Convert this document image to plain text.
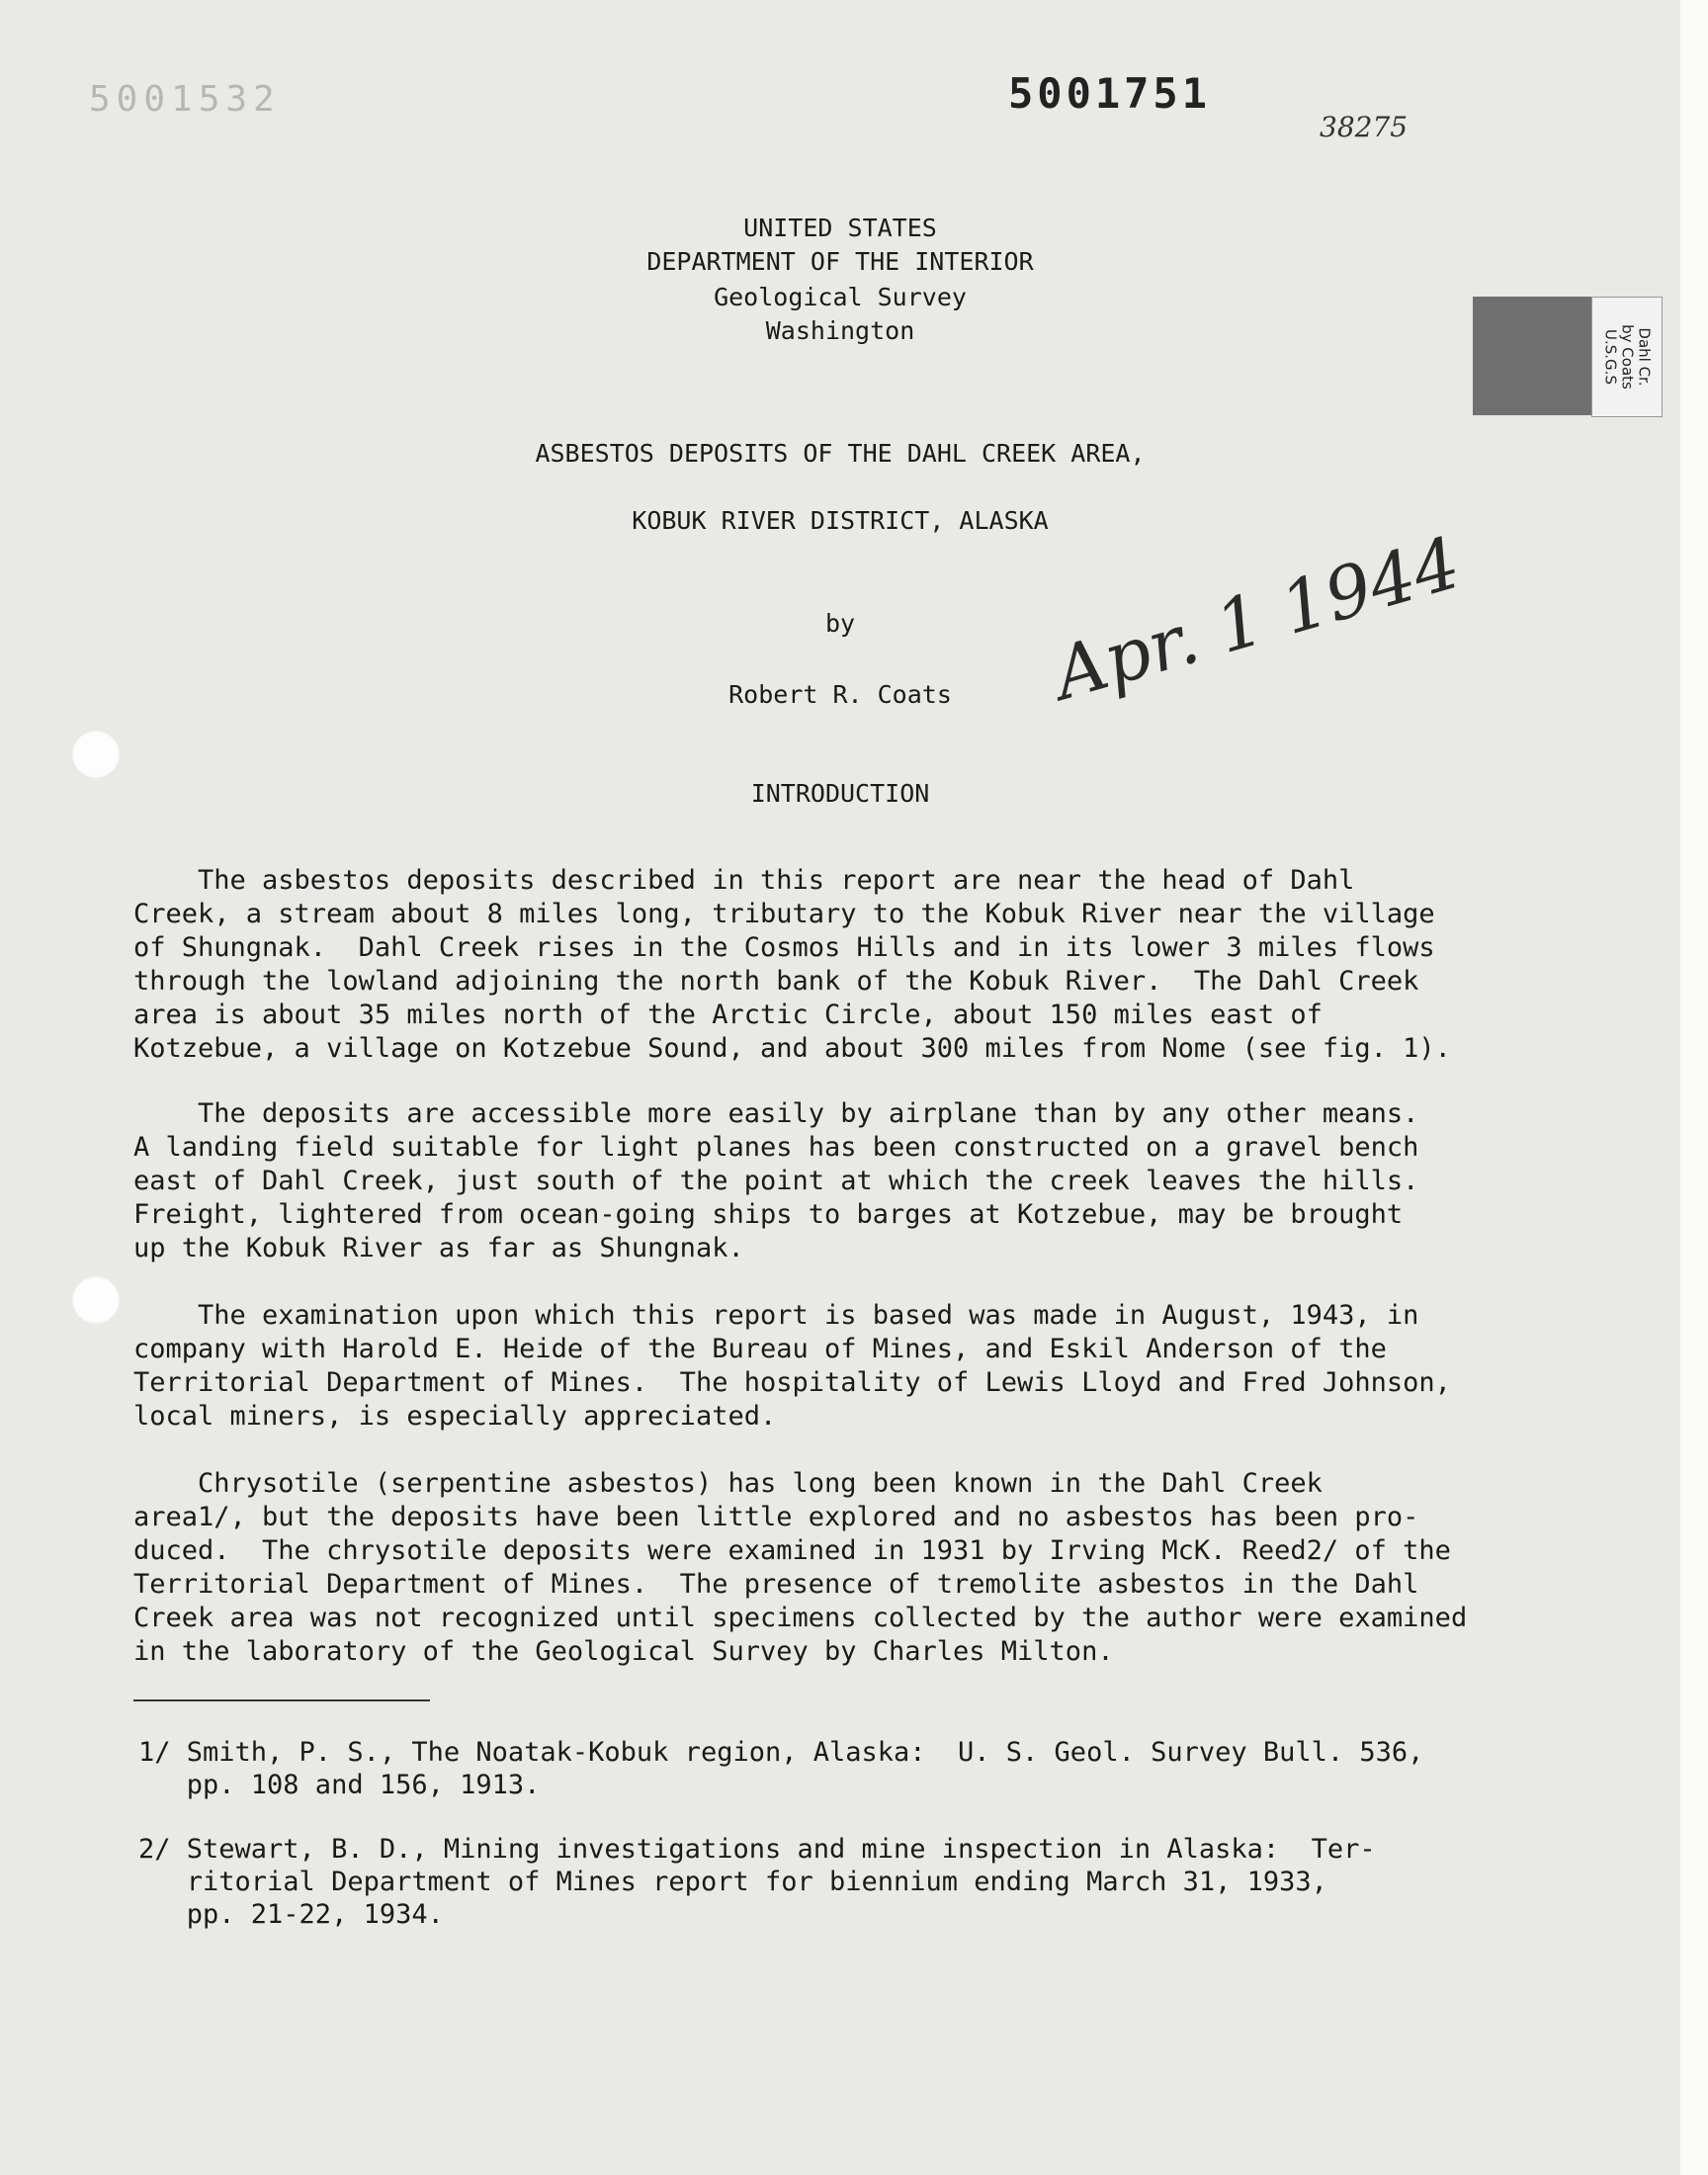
5001532
Dahl Cr.
by Coats
U.S.G.S
5001751
38275
UNITED STATES
DEPARTMENT OF THE INTERIOR
Geological Survey
Washington
ASBESTOS DEPOSITS OF THE DAHL CREEK AREA,
KOBUK RIVER DISTRICT, ALASKA
by
Robert R. Coats	Apr. 1 1944
INTRODUCTION
The asbestos deposits described in this report are near the head of Dahl
Creek, a stream about 8 miles long, tributary to the Kobuk River near the village
of Shungnak.  Dahl Creek rises in the Cosmos Hills and in its lower 3 miles flows
through the lowland adjoining the north bank of the Kobuk River.  The Dahl Creek
area is about 35 miles north of the Arctic Circle, about 150 miles east of
Kotzebue, a village on Kotzebue Sound, and about 300 miles from Nome (see fig. 1).
The deposits are accessible more easily by airplane than by any other means.
A landing field suitable for light planes has been constructed on a gravel bench
east of Dahl Creek, just south of the point at which the creek leaves the hills.
Freight, lightered from ocean-going ships to barges at Kotzebue, may be brought
up the Kobuk River as far as Shungnak.
The examination upon which this report is based was made in August, 1943, in
company with Harold E. Heide of the Bureau of Mines, and Eskil Anderson of the
Territorial Department of Mines.  The hospitality of Lewis Lloyd and Fred Johnson,
local miners, is especially appreciated.
Chrysotile (serpentine asbestos) has long been known in the Dahl Creek
area1/, but the deposits have been little explored and no asbestos has been pro-
duced.  The chrysotile deposits were examined in 1931 by Irving McK. Reed2/ of the
Territorial Department of Mines.  The presence of tremolite asbestos in the Dahl
Creek area was not recognized until specimens collected by the author were examined
in the laboratory of the Geological Survey by Charles Milton.
1/ Smith, P. S., The Noatak-Kobuk region, Alaska:  U. S. Geol. Survey Bull. 536,
pp. 108 and 156, 1913.
2/ Stewart, B. D., Mining investigations and mine inspection in Alaska:  Ter-
ritorial Department of Mines report for biennium ending March 31, 1933,
pp. 21-22, 1934.
